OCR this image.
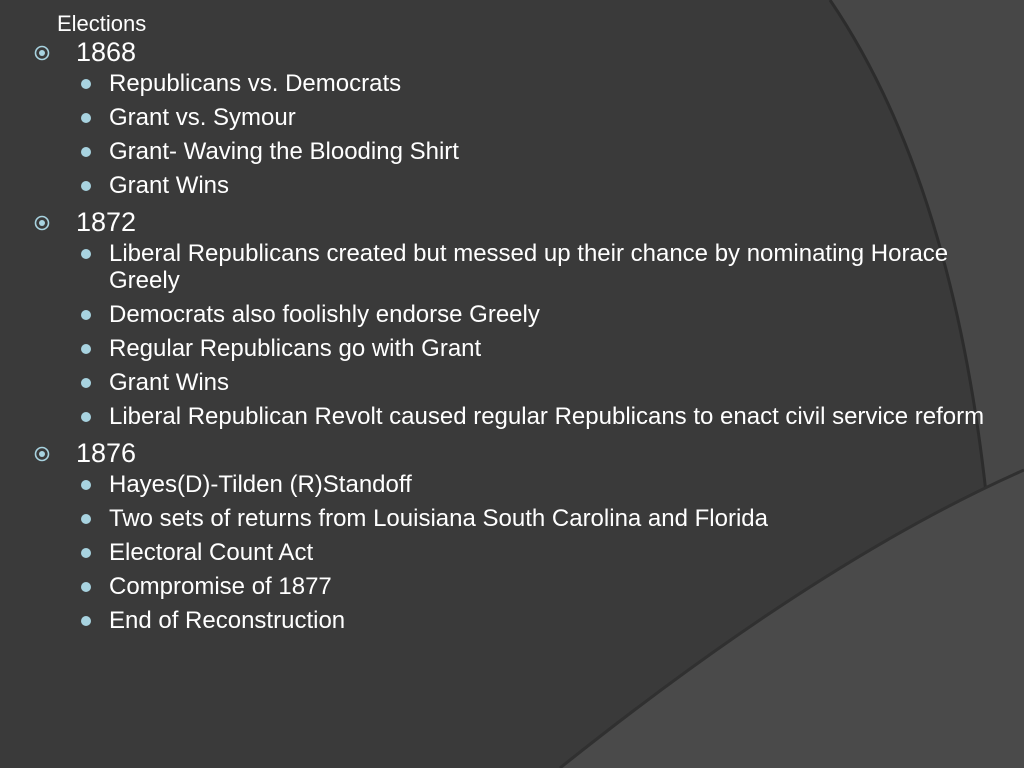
Elections
1868
Republicans vs. Democrats
Grant vs. Symour
Grant- Waving the Blooding Shirt
Grant Wins
1872
Liberal Republicans created but messed up their chance by nominating Horace Greely
Democrats also foolishly endorse Greely
Regular Republicans go with Grant
Grant Wins
Liberal Republican Revolt caused regular Republicans to enact civil service reform
1876
Hayes(D)-Tilden (R)Standoff
Two sets of returns from Louisiana South Carolina and Florida
Electoral Count Act
Compromise of 1877
End of Reconstruction
